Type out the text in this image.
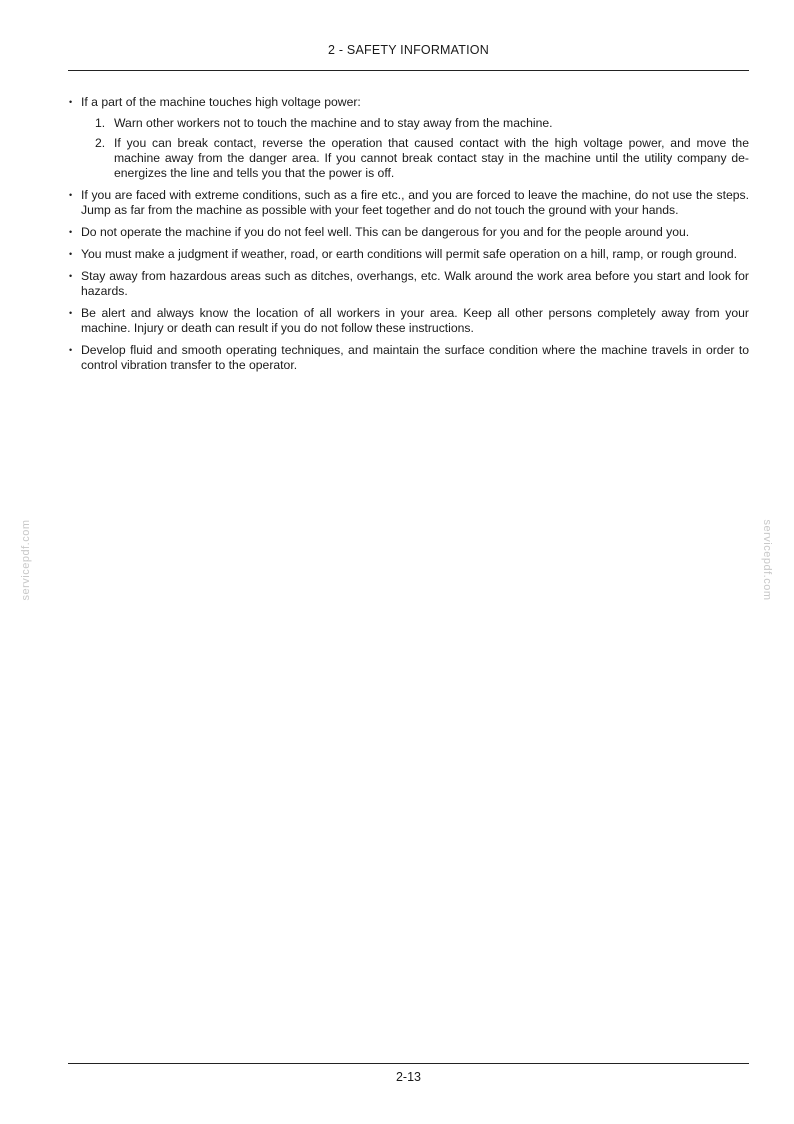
2 - SAFETY INFORMATION
• If a part of the machine touches high voltage power:
1. Warn other workers not to touch the machine and to stay away from the machine.
2. If you can break contact, reverse the operation that caused contact with the high voltage power, and move the machine away from the danger area. If you cannot break contact stay in the machine until the utility company de-energizes the line and tells you that the power is off.
• If you are faced with extreme conditions, such as a fire etc., and you are forced to leave the machine, do not use the steps. Jump as far from the machine as possible with your feet together and do not touch the ground with your hands.
• Do not operate the machine if you do not feel well. This can be dangerous for you and for the people around you.
• You must make a judgment if weather, road, or earth conditions will permit safe operation on a hill, ramp, or rough ground.
• Stay away from hazardous areas such as ditches, overhangs, etc. Walk around the work area before you start and look for hazards.
• Be alert and always know the location of all workers in your area. Keep all other persons completely away from your machine. Injury or death can result if you do not follow these instructions.
• Develop fluid and smooth operating techniques, and maintain the surface condition where the machine travels in order to control vibration transfer to the operator.
servicepdf.com	servicepdf.com
2-13
